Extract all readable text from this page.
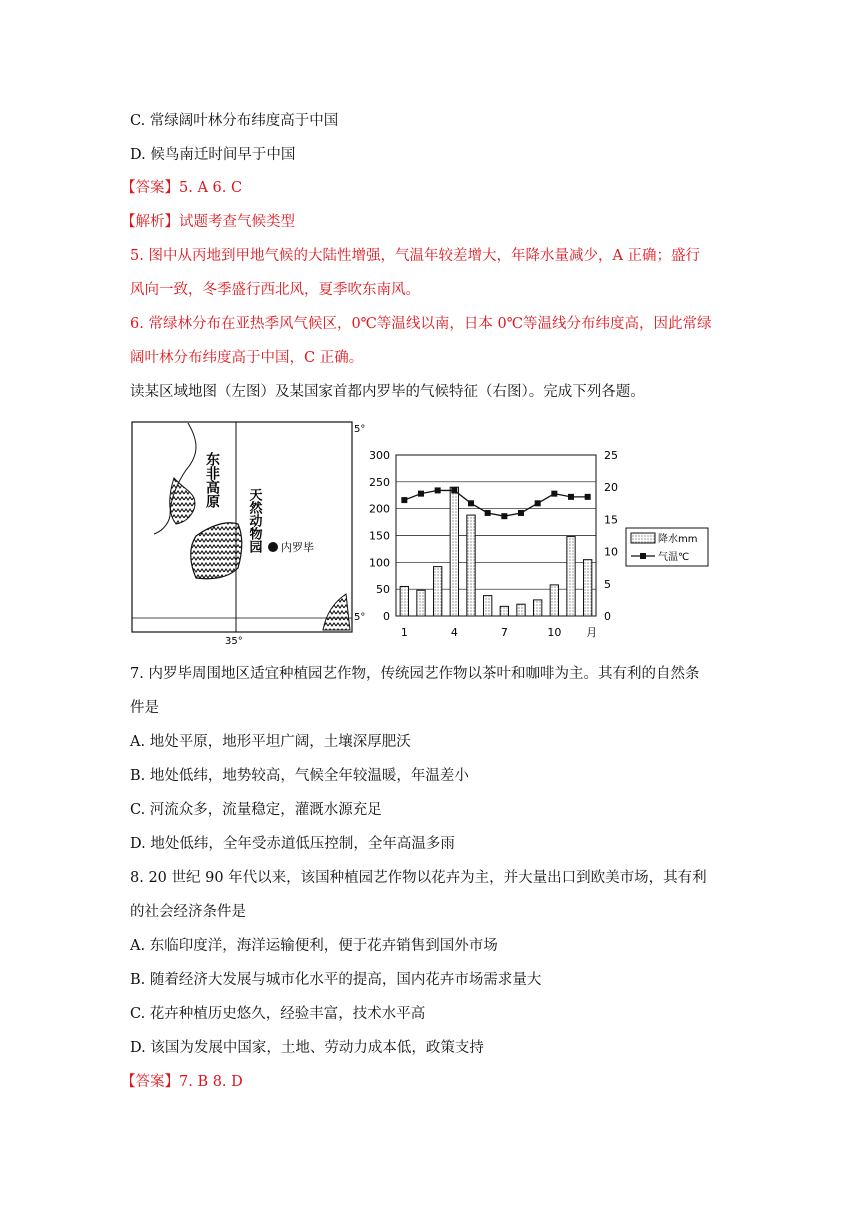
C. 常绿阔叶林分布纬度高于中国
D. 候鸟南迁时间早于中国
【答案】5. A 6. C
【解析】试题考查气候类型
5. 图中从丙地到甲地气候的大陆性增强，气温年较差增大，年降水量减少，A 正确；盛行
风向一致，冬季盛行西北风，夏季吹东南风。
6. 常绿林分布在亚热季风气候区，0℃等温线以南，日本 0℃等温线分布纬度高，因此常绿
阔叶林分布纬度高于中国，C 正确。
读某区域地图（左图）及某国家首都内罗毕的气候特征（右图）。完成下列各题。
5°
5°
35°
东非高原
天然动物园 内罗毕
300
250
200
150
100
50
0
25
20
15
10
5
0
1	4	7	10 月
降水mm
气温℃
7. 内罗毕周围地区适宜种植园艺作物，传统园艺作物以茶叶和咖啡为主。其有利的自然条
件是
A. 地处平原，地形平坦广阔，土壤深厚肥沃
B. 地处低纬，地势较高，气候全年较温暖，年温差小
C. 河流众多，流量稳定，灌溉水源充足
D. 地处低纬，全年受赤道低压控制，全年高温多雨
8. 20 世纪 90 年代以来，该国种植园艺作物以花卉为主，并大量出口到欧美市场，其有利
的社会经济条件是
A. 东临印度洋，海洋运输便利，便于花卉销售到国外市场
B. 随着经济大发展与城市化水平的提高，国内花卉市场需求量大
C. 花卉种植历史悠久，经验丰富，技术水平高
D. 该国为发展中国家，土地、劳动力成本低，政策支持
【答案】7. B 8. D
